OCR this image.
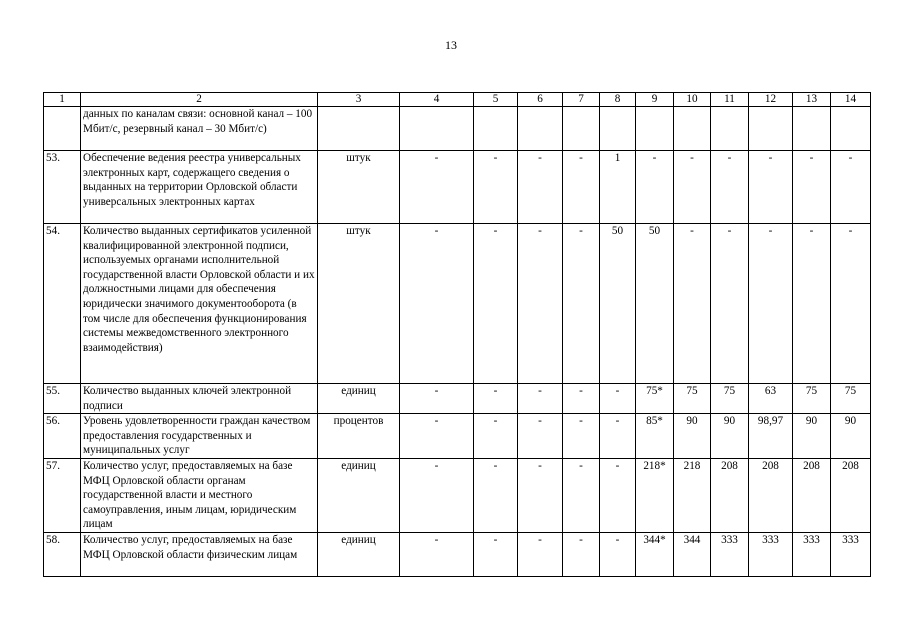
13
1	2	3	4	5	6	7	8	9	10	11	12	13	14
	данных по каналам связи: основной канал – 100 Мбит/с, резервный канал – 30 Мбит/с)												
53.	Обеспечение ведения реестра универсальных электронных карт, содержащего сведения о выданных на территории Орловской области универсальных электронных картах	штук	-	-	-	-	1	-	-	-	-	-	-
54.	Количество выданных сертификатов усиленной квалифицированной электронной подписи, используемых органами исполнительной государственной власти Орловской области и их должностными лицами для обеспечения юридически значимого документооборота (в том числе для обеспечения функционирования системы межведомственного электронного взаимодействия)	штук	-	-	-	-	50	50	-	-	-	-	-
55.	Количество выданных ключей электронной подписи	единиц	-	-	-	-	-	75*	75	75	63	75	75
56.	Уровень удовлетворенности граждан качеством предоставления государственных и муниципальных услуг	процентов	-	-	-	-	-	85*	90	90	98,97	90	90
57.	Количество услуг, предоставляемых на базе МФЦ Орловской области органам государственной власти и местного самоуправления, иным лицам, юридическим лицам	единиц	-	-	-	-	-	218*	218	208	208	208	208
58.	Количество услуг, предоставляемых на базе МФЦ Орловской области физическим лицам	единиц	-	-	-	-	-	344*	344	333	333	333	333
